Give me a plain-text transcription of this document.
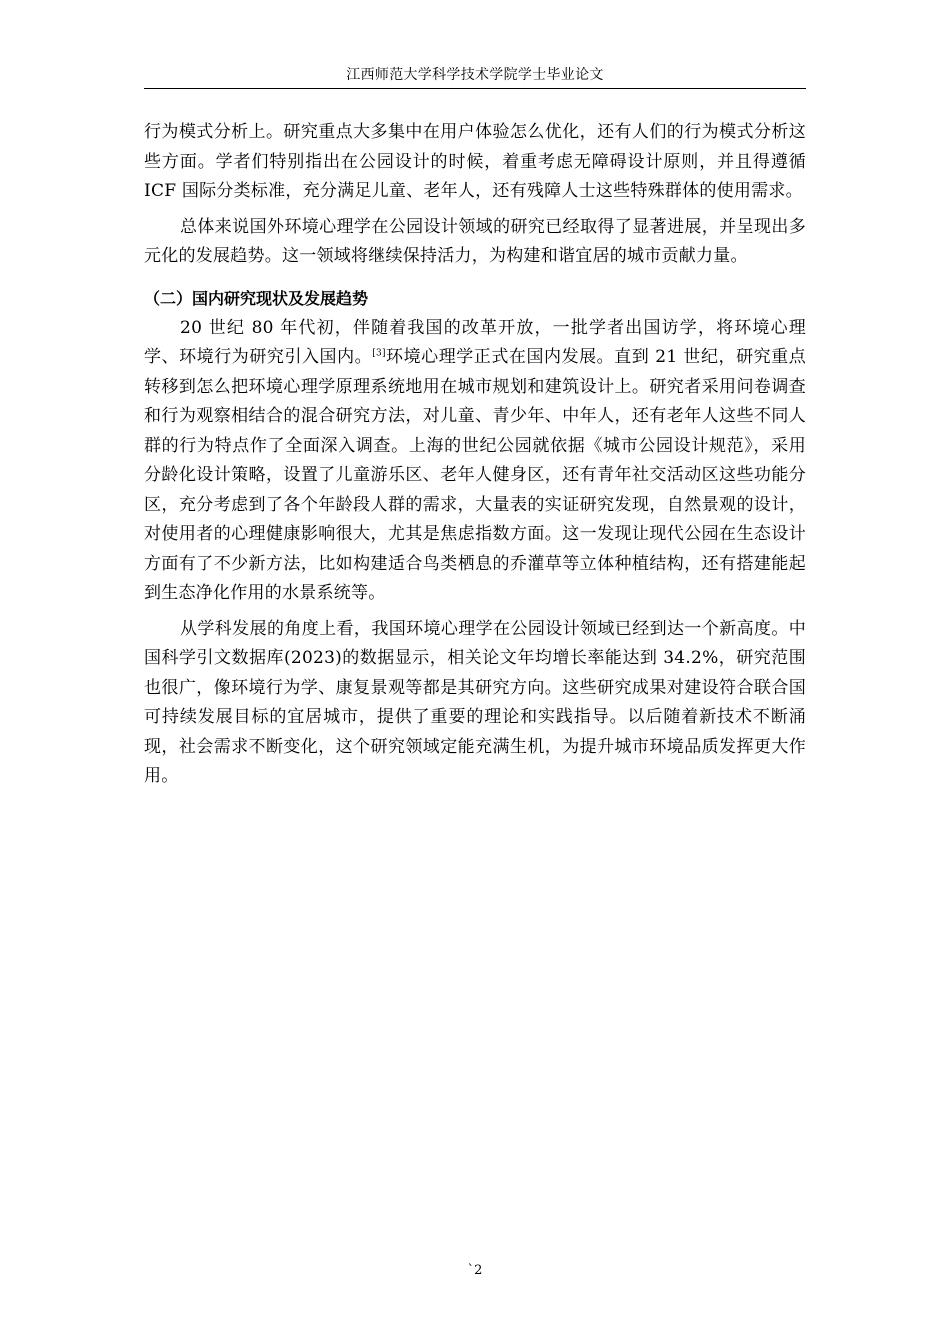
江西师范大学科学技术学院学士毕业论文

行为模式分析上。研究重点大多集中在用户体验怎么优化，还有人们的行为模式分析这些方面。学者们特别指出在公园设计的时候，着重考虑无障碍设计原则，并且得遵循 ICF 国际分类标准，充分满足儿童、老年人，还有残障人士这些特殊群体的使用需求。

总体来说国外环境心理学在公园设计领域的研究已经取得了显著进展，并呈现出多元化的发展趋势。这一领域将继续保持活力，为构建和谐宜居的城市贡献力量。

（二）国内研究现状及发展趋势

20 世纪 80 年代初，伴随着我国的改革开放，一批学者出国访学，将环境心理学、环境行为研究引入国内。[3]环境心理学正式在国内发展。直到 21 世纪，研究重点转移到怎么把环境心理学原理系统地用在城市规划和建筑设计上。研究者采用问卷调查和行为观察相结合的混合研究方法，对儿童、青少年、中年人，还有老年人这些不同人群的行为特点作了全面深入调查。上海的世纪公园就依据《城市公园设计规范》，采用分龄化设计策略，设置了儿童游乐区、老年人健身区，还有青年社交活动区这些功能分区，充分考虑到了各个年龄段人群的需求，大量表的实证研究发现，自然景观的设计，对使用者的心理健康影响很大，尤其是焦虑指数方面。这一发现让现代公园在生态设计方面有了不少新方法，比如构建适合鸟类栖息的乔灌草等立体种植结构，还有搭建能起到生态净化作用的水景系统等。

从学科发展的角度上看，我国环境心理学在公园设计领域已经到达一个新高度。中国科学引文数据库(2023)的数据显示，相关论文年均增长率能达到 34.2%，研究范围也很广，像环境行为学、康复景观等都是其研究方向。这些研究成果对建设符合联合国可持续发展目标的宜居城市，提供了重要的理论和实践指导。以后随着新技术不断涌现，社会需求不断变化，这个研究领域定能充满生机，为提升城市环境品质发挥更大作用。

`2
